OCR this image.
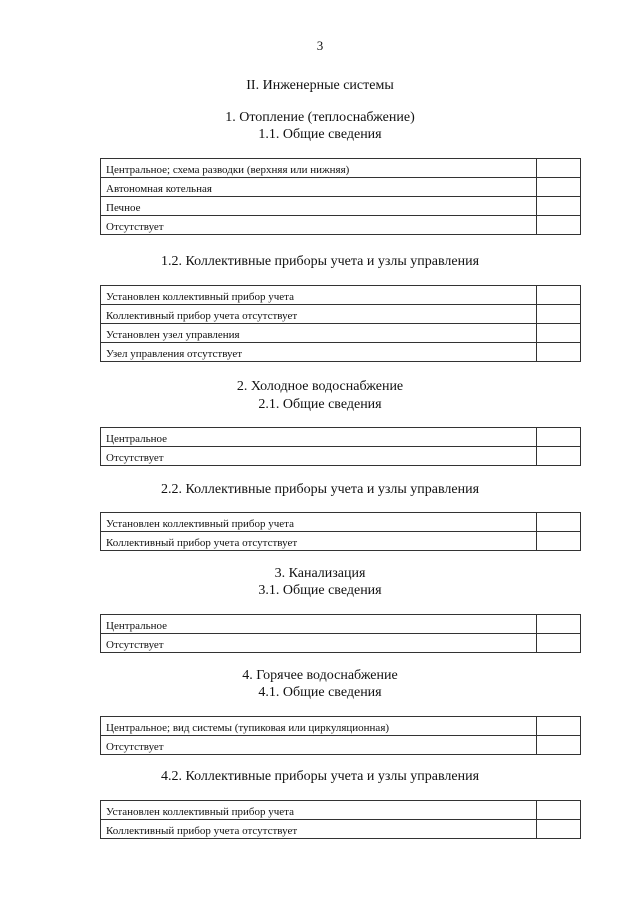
3
II. Инженерные системы
1. Отопление (теплоснабжение)
1.1. Общие сведения
Центральное; схема разводки (верхняя или нижняя)	
Автономная котельная	
Печное	
Отсутствует	
1.2. Коллективные приборы учета и узлы управления
Установлен коллективный прибор учета	
Коллективный прибор учета отсутствует	
Установлен узел управления	
Узел управления отсутствует	
2. Холодное водоснабжение
2.1. Общие сведения
Центральное	
Отсутствует	
2.2. Коллективные приборы учета и узлы управления
Установлен коллективный прибор учета	
Коллективный прибор учета отсутствует	
3. Канализация
3.1. Общие сведения
Центральное	
Отсутствует	
4. Горячее водоснабжение
4.1. Общие сведения
Центральное; вид системы (тупиковая или циркуляционная)	
Отсутствует	
4.2. Коллективные приборы учета и узлы управления
Установлен коллективный прибор учета	
Коллективный прибор учета отсутствует	
